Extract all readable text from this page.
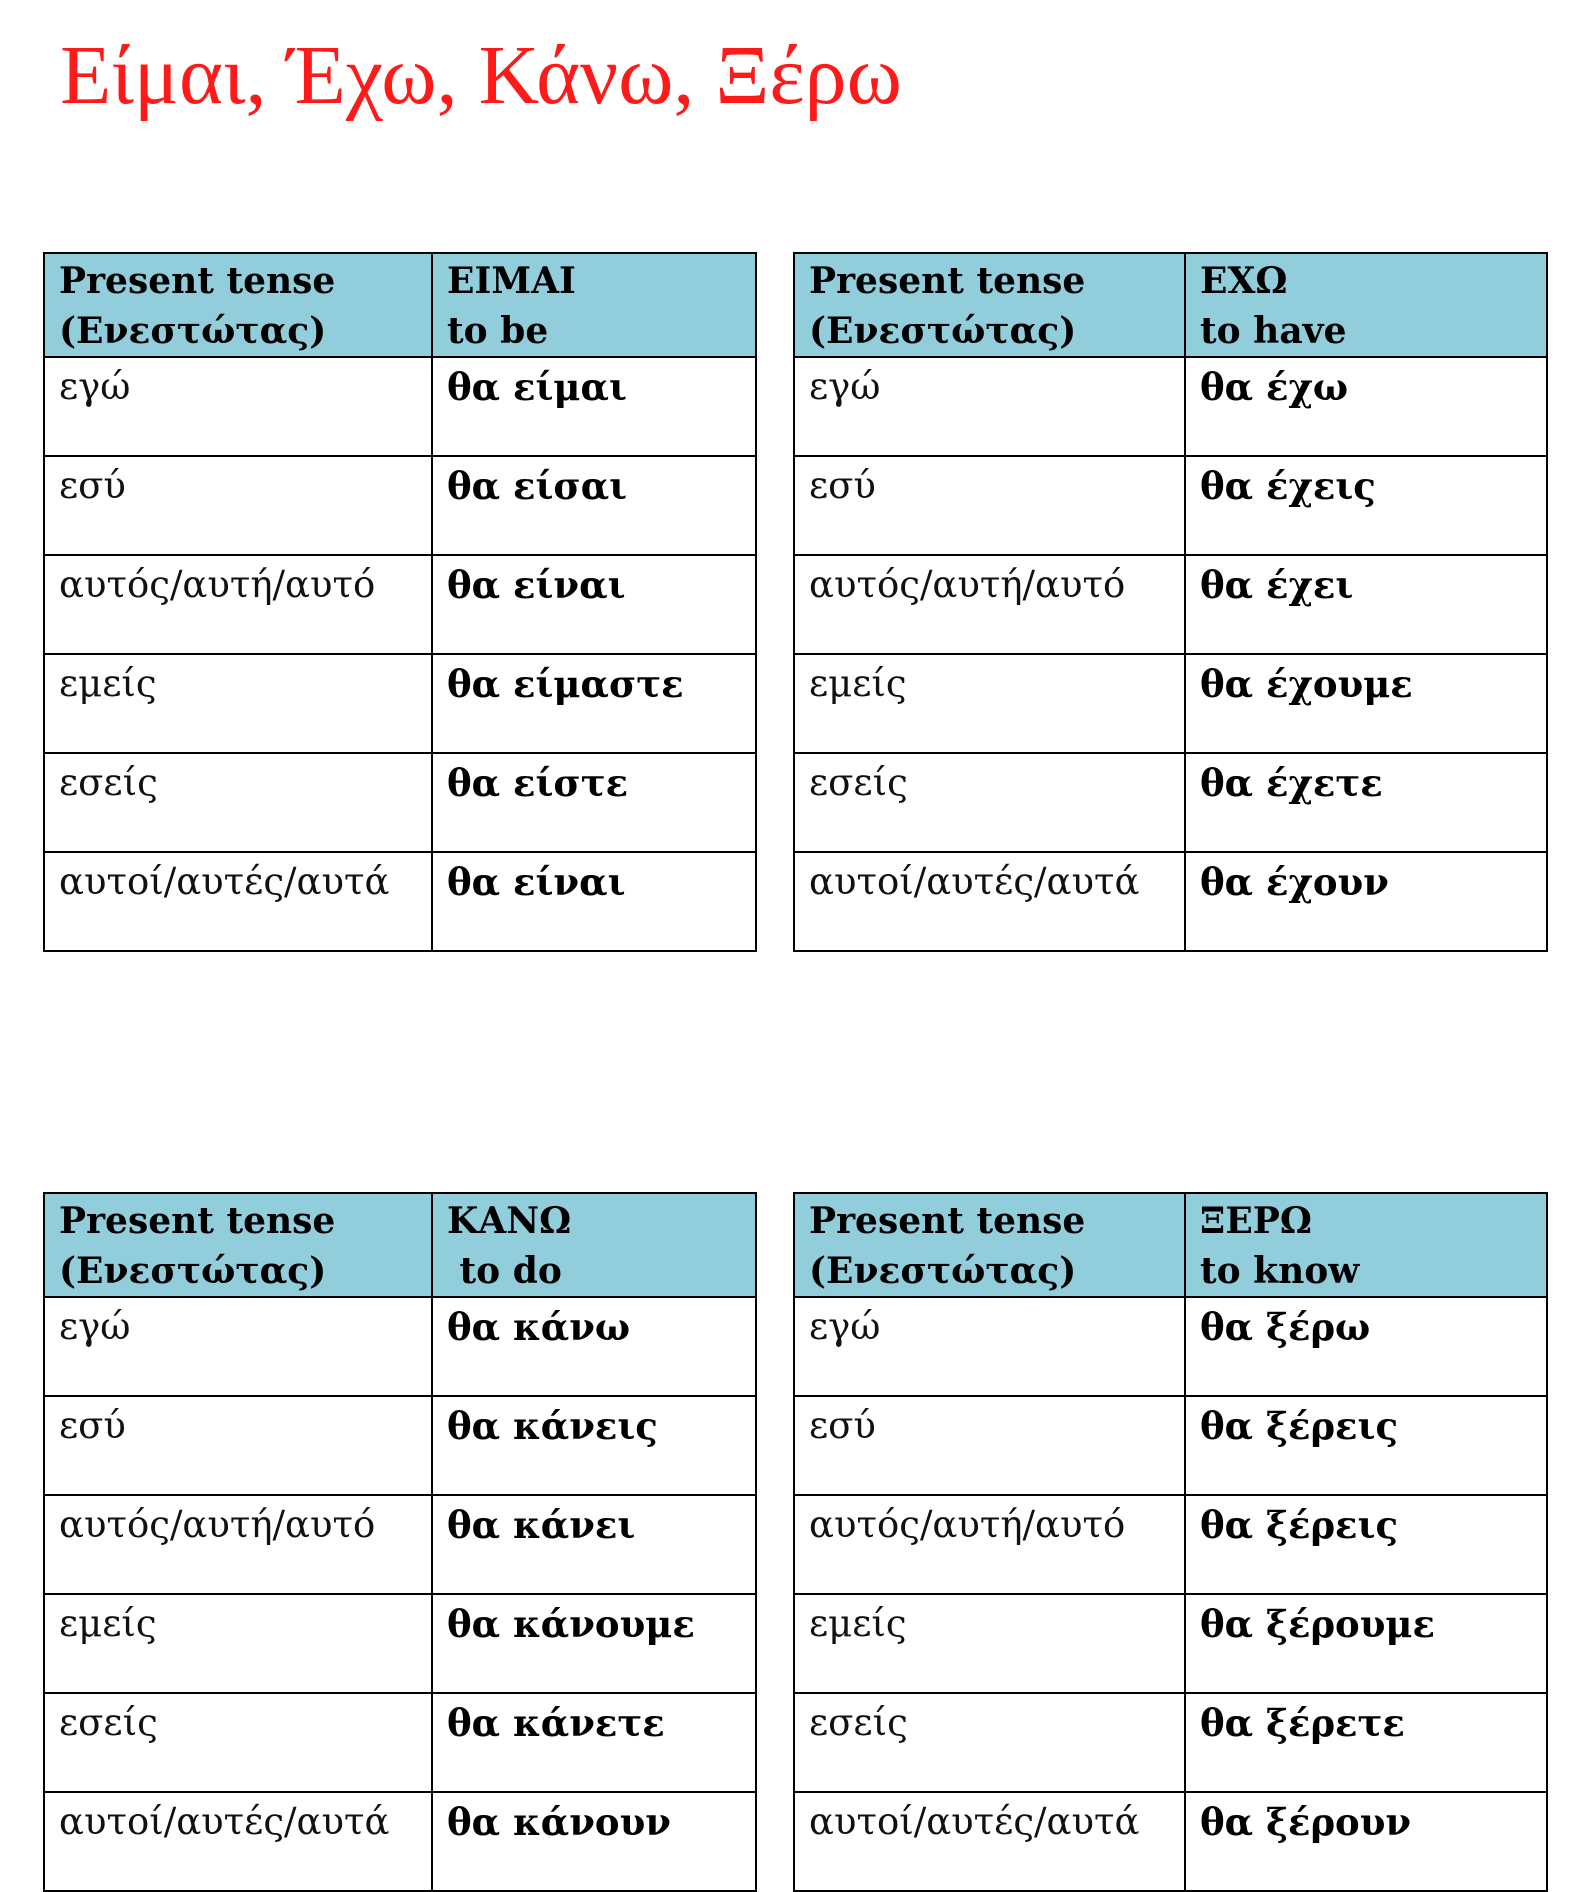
Είμαι, Έχω, Κάνω, Ξέρω
Present tense
(Ενεστώτας)	ΕΙΜΑΙ
to be

εγώ	θα είμαι
εσύ	θα είσαι
αυτός/αυτή/αυτό	θα είναι
εμείς	θα είμαστε
εσείς	θα είστε
αυτοί/αυτές/αυτά	θα είναι
Present tense
(Ενεστώτας)	ΕΧΩ
to have

εγώ	θα έχω
εσύ	θα έχεις
αυτός/αυτή/αυτό	θα έχει
εμείς	θα έχουμε
εσείς	θα έχετε
αυτοί/αυτές/αυτά	θα έχουν
Present tense
(Ενεστώτας)	ΚΑΝΩ
to do

εγώ	θα κάνω
εσύ	θα κάνεις
αυτός/αυτή/αυτό	θα κάνει
εμείς	θα κάνουμε
εσείς	θα κάνετε
αυτοί/αυτές/αυτά	θα κάνουν
Present tense
(Ενεστώτας)	ΞΕΡΩ
to know

εγώ	θα ξέρω
εσύ	θα ξέρεις
αυτός/αυτή/αυτό	θα ξέρεις
εμείς	θα ξέρουμε
εσείς	θα ξέρετε
αυτοί/αυτές/αυτά	θα ξέρουν
